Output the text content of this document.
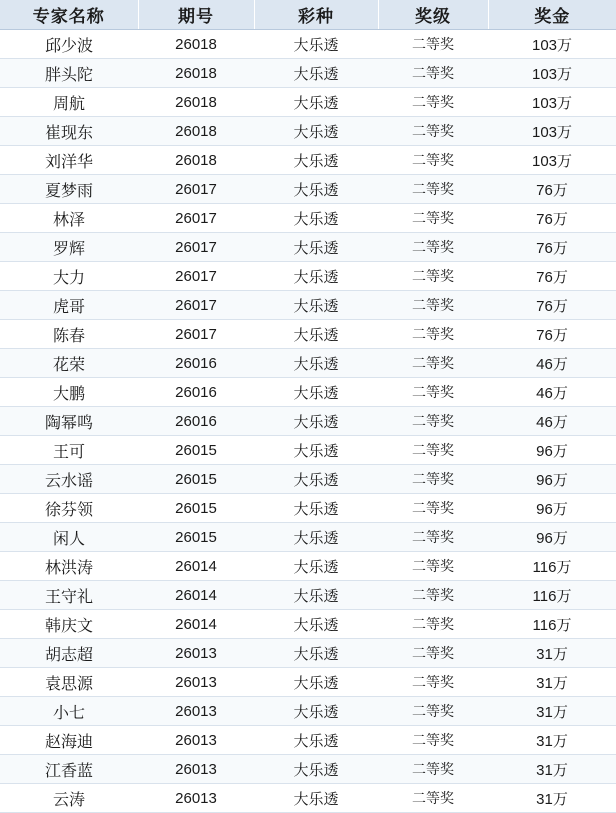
专家名称	期号	彩种	奖级	奖金
邱少波	26018	大乐透	二等奖	103万
胖头陀	26018	大乐透	二等奖	103万
周航	26018	大乐透	二等奖	103万
崔现东	26018	大乐透	二等奖	103万
刘洋华	26018	大乐透	二等奖	103万
夏梦雨	26017	大乐透	二等奖	76万
林泽	26017	大乐透	二等奖	76万
罗辉	26017	大乐透	二等奖	76万
大力	26017	大乐透	二等奖	76万
虎哥	26017	大乐透	二等奖	76万
陈春	26017	大乐透	二等奖	76万
花荣	26016	大乐透	二等奖	46万
大鹏	26016	大乐透	二等奖	46万
陶幂鸣	26016	大乐透	二等奖	46万
王可	26015	大乐透	二等奖	96万
云水谣	26015	大乐透	二等奖	96万
徐芬领	26015	大乐透	二等奖	96万
闲人	26015	大乐透	二等奖	96万
林洪涛	26014	大乐透	二等奖	116万
王守礼	26014	大乐透	二等奖	116万
韩庆文	26014	大乐透	二等奖	116万
胡志超	26013	大乐透	二等奖	31万
袁思源	26013	大乐透	二等奖	31万
小七	26013	大乐透	二等奖	31万
赵海迪	26013	大乐透	二等奖	31万
江香蓝	26013	大乐透	二等奖	31万
云涛	26013	大乐透	二等奖	31万
